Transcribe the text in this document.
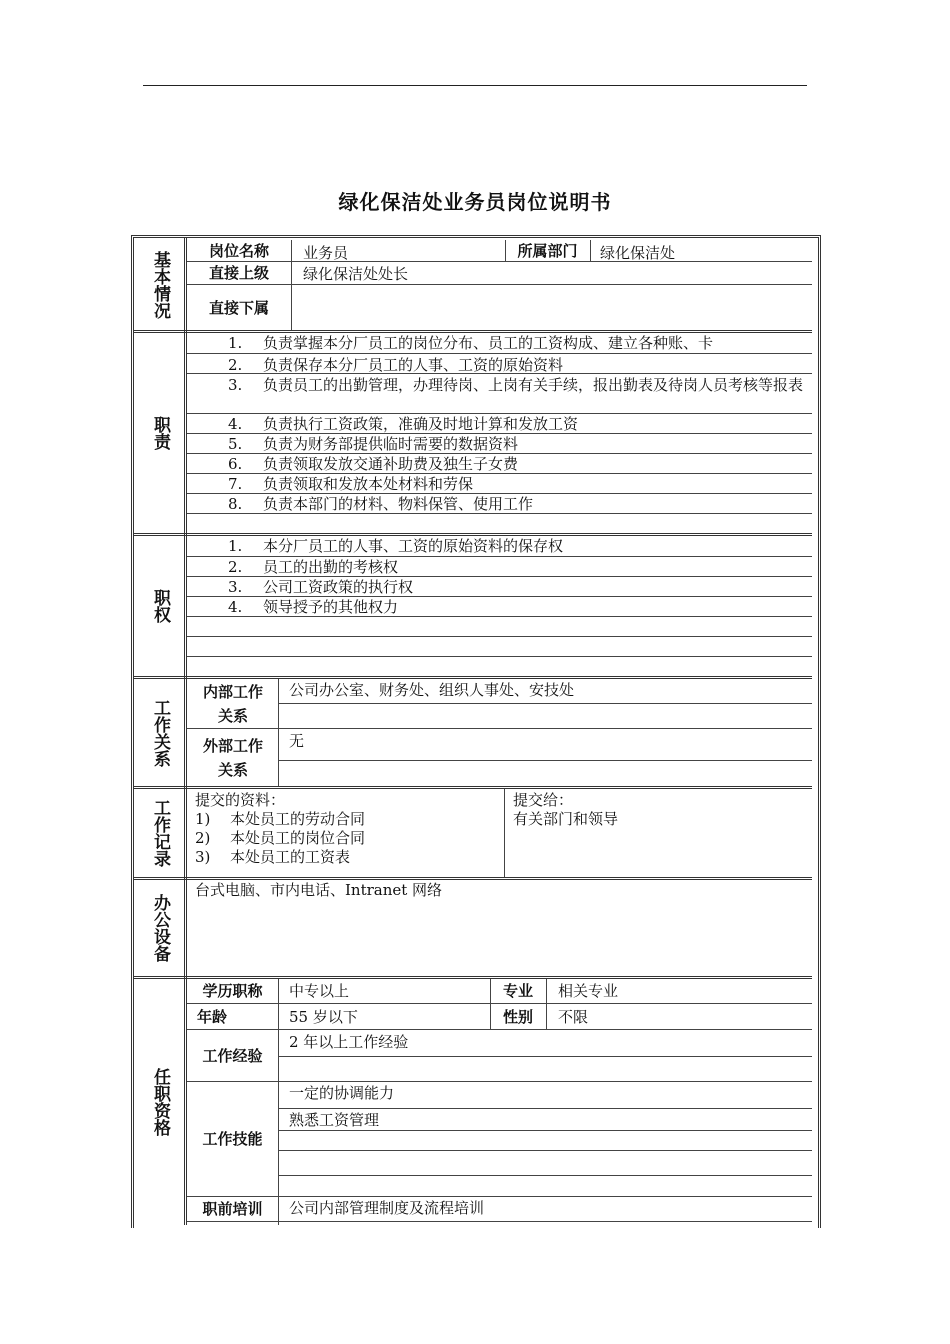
绿化保洁处业务员岗位说明书
基本情况
岗位名称	业务员	所属部门	绿化保洁处
直接上级	绿化保洁处处长
直接下属
职责
1. 负责掌握本分厂员工的岗位分布、员工的工资构成、建立各种账、卡
2. 负责保存本分厂员工的人事、工资的原始资料
3.	负责员工的出勤管理，办理待岗、上岗有关手续，报出勤表及待岗人员考核等报表
4. 负责执行工资政策，准确及时地计算和发放工资
5. 负责为财务部提供临时需要的数据资料
6. 负责领取发放交通补助费及独生子女费
7. 负责领取和发放本处材料和劳保
8. 负责本部门的材料、物料保管、使用工作
职权
1. 本分厂员工的人事、工资的原始资料的保存权
2. 员工的出勤的考核权
3. 公司工资政策的执行权
4. 领导授予的其他权力
工作关系
内部工作关系
公司办公室、财务处、组织人事处、安技处
外部工作关系
无
工作记录 提交的资料：
1) 本处员工的劳动合同
2) 本处员工的岗位合同
3) 本处员工的工资表
提交给：
有关部门和领导
办公设备
台式电脑、市内电话、Intranet 网络
任职资格
学历职称	中专以上	专业	相关专业
年龄	55 岁以下	性别	不限
工作经验
2 年以上工作经验
工作技能
一定的协调能力
熟悉工资管理
职前培训	公司内部管理制度及流程培训
